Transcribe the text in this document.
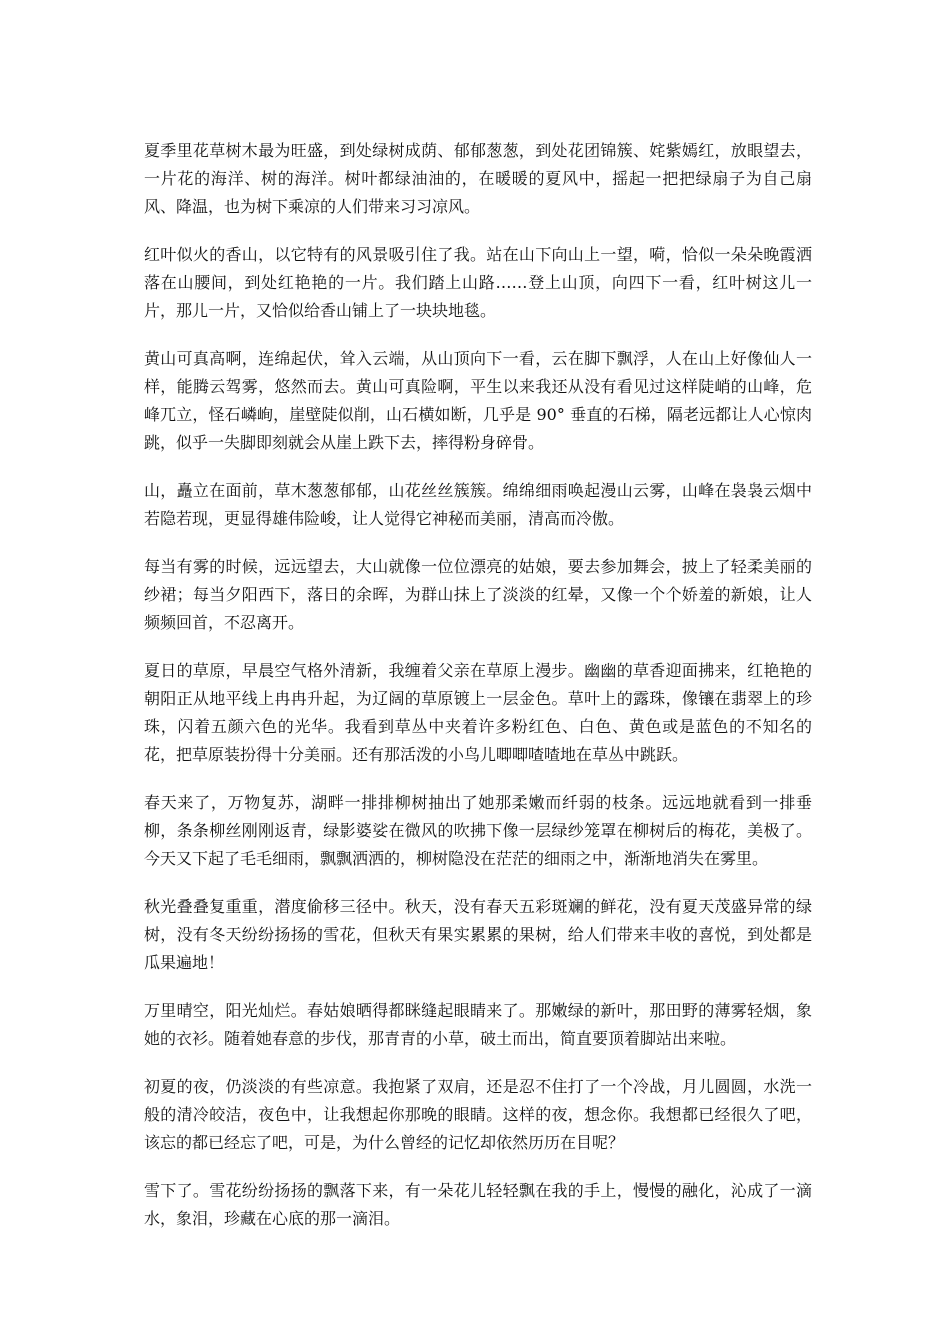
夏季里花草树木最为旺盛，到处绿树成荫、郁郁葱葱，到处花团锦簇、姹紫嫣红，放眼望去，一片花的海洋、树的海洋。树叶都绿油油的，在暖暖的夏风中，摇起一把把绿扇子为自己扇风、降温，也为树下乘凉的人们带来习习凉风。

红叶似火的香山，以它特有的风景吸引住了我。站在山下向山上一望，嗬，恰似一朵朵晚霞洒落在山腰间，到处红艳艳的一片。我们踏上山路……登上山顶，向四下一看，红叶树这儿一片，那儿一片，又恰似给香山铺上了一块块地毯。

黄山可真高啊，连绵起伏，耸入云端，从山顶向下一看，云在脚下飘浮，人在山上好像仙人一样，能腾云驾雾，悠然而去。黄山可真险啊，平生以来我还从没有看见过这样陡峭的山峰，危峰兀立，怪石嶙峋，崖壁陡似削，山石横如断，几乎是 90° 垂直的石梯，隔老远都让人心惊肉跳，似乎一失脚即刻就会从崖上跌下去，摔得粉身碎骨。

山，矗立在面前，草木葱葱郁郁，山花丝丝簇簇。绵绵细雨唤起漫山云雾，山峰在袅袅云烟中若隐若现，更显得雄伟险峻，让人觉得它神秘而美丽，清高而冷傲。

每当有雾的时候，远远望去，大山就像一位位漂亮的姑娘，要去参加舞会，披上了轻柔美丽的纱裙；每当夕阳西下，落日的余晖，为群山抹上了淡淡的红晕，又像一个个娇羞的新娘，让人频频回首，不忍离开。

夏日的草原，早晨空气格外清新，我缠着父亲在草原上漫步。幽幽的草香迎面拂来，红艳艳的朝阳正从地平线上冉冉升起，为辽阔的草原镀上一层金色。草叶上的露珠，像镶在翡翠上的珍珠，闪着五颜六色的光华。我看到草丛中夹着许多粉红色、白色、黄色或是蓝色的不知名的花，把草原装扮得十分美丽。还有那活泼的小鸟儿唧唧喳喳地在草丛中跳跃。

春天来了，万物复苏，湖畔一排排柳树抽出了她那柔嫩而纤弱的枝条。远远地就看到一排垂柳，条条柳丝刚刚返青，绿影婆娑在微风的吹拂下像一层绿纱笼罩在柳树后的梅花，美极了。今天又下起了毛毛细雨，飘飘洒洒的，柳树隐没在茫茫的细雨之中，渐渐地消失在雾里。

秋光叠叠复重重，潜度偷移三径中。秋天，没有春天五彩斑斓的鲜花，没有夏天茂盛异常的绿树，没有冬天纷纷扬扬的雪花，但秋天有果实累累的果树，给人们带来丰收的喜悦，到处都是瓜果遍地！

万里晴空，阳光灿烂。春姑娘晒得都眯缝起眼睛来了。那嫩绿的新叶，那田野的薄雾轻烟，象她的衣衫。随着她春意的步伐，那青青的小草，破土而出，简直要顶着脚站出来啦。

初夏的夜，仍淡淡的有些凉意。我抱紧了双肩，还是忍不住打了一个冷战，月儿圆圆，水洗一般的清冷皎洁，夜色中，让我想起你那晚的眼睛。这样的夜，想念你。我想都已经很久了吧，该忘的都已经忘了吧，可是，为什么曾经的记忆却依然历历在目呢？

雪下了。雪花纷纷扬扬的飘落下来，有一朵花儿轻轻飘在我的手上，慢慢的融化，沁成了一滴水，象泪，珍藏在心底的那一滴泪。
